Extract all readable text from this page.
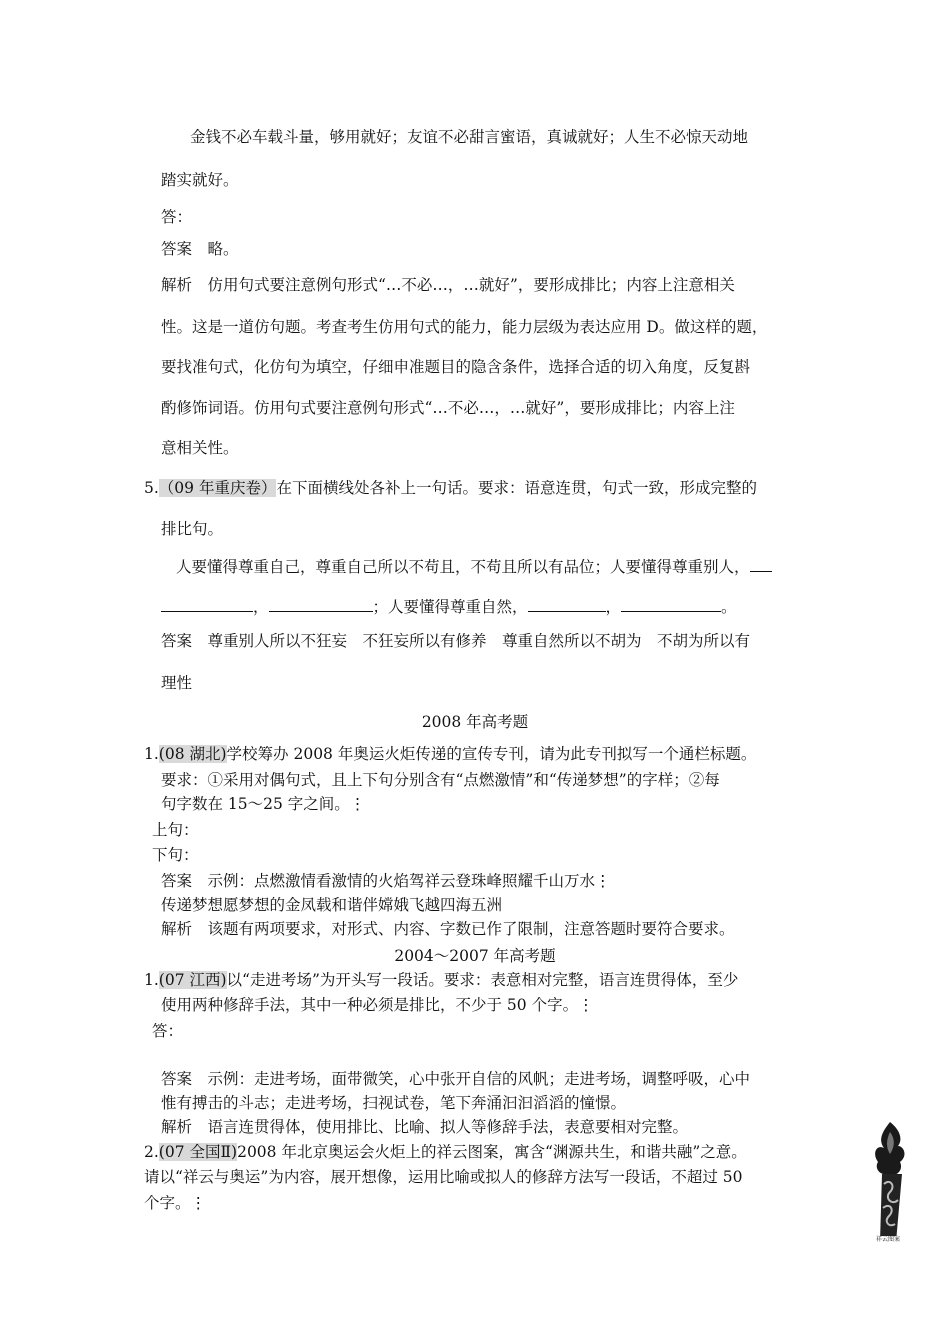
金钱不必车载斗量，够用就好；友谊不必甜言蜜语，真诚就好；人生不必惊天动地
踏实就好。
答：
答案　略。
解析　仿用句式要注意例句形式“…不必…，…就好”，要形成排比；内容上注意相关
性。这是一道仿句题。考查考生仿用句式的能力，能力层级为表达应用 D。做这样的题，
要找准句式，化仿句为填空，仔细申准题目的隐含条件，选择合适的切入角度，反复斟
酌修饰词语。仿用句式要注意例句形式“…不必…，…就好”，要形成排比；内容上注
意相关性。
5.（09 年重庆卷）在下面横线处各补上一句话。要求：语意连贯，句式一致，形成完整的
排比句。
人要懂得尊重自己，尊重自己所以不苟且，不苟且所以有品位；人要懂得尊重别人，
，	；人要懂得尊重自然，	，	。
答案　尊重别人所以不狂妄　不狂妄所以有修养　尊重自然所以不胡为　不胡为所以有
理性
2008 年高考题
1.(08 湖北)学校筹办 2008 年奥运火炬传递的宣传专刊，请为此专刊拟写一个通栏标题。
要求：①采用对偶句式，且上下句分别含有“点燃激情”和“传递梦想”的字样；②每
句字数在 15～25 字之间。⋮
上句：
下句：
答案　示例：点燃激情看激情的火焰驾祥云登珠峰照耀千山万水⋮
传递梦想愿梦想的金凤载和谐伴嫦娥飞越四海五洲
解析　该题有两项要求，对形式、内容、字数已作了限制，注意答题时要符合要求。
2004～2007 年高考题
1.(07 江西)以“走进考场”为开头写一段话。要求：表意相对完整，语言连贯得体，至少
使用两种修辞手法，其中一种必须是排比，不少于 50 个字。⋮
答：
答案　示例：走进考场，面带微笑，心中张开自信的风帆；走进考场，调整呼吸，心中
惟有搏击的斗志；走进考场，扫视试卷，笔下奔涌汩汩滔滔的憧憬。
解析　语言连贯得体，使用排比、比喻、拟人等修辞手法，表意要相对完整。
2.(07 全国Ⅱ)2008 年北京奥运会火炬上的祥云图案，寓含“渊源共生，和谐共融”之意。
请以“祥云与奥运”为内容，展开想像，运用比喻或拟人的修辞方法写一段话，不超过 50
个字。⋮
祥云图案
